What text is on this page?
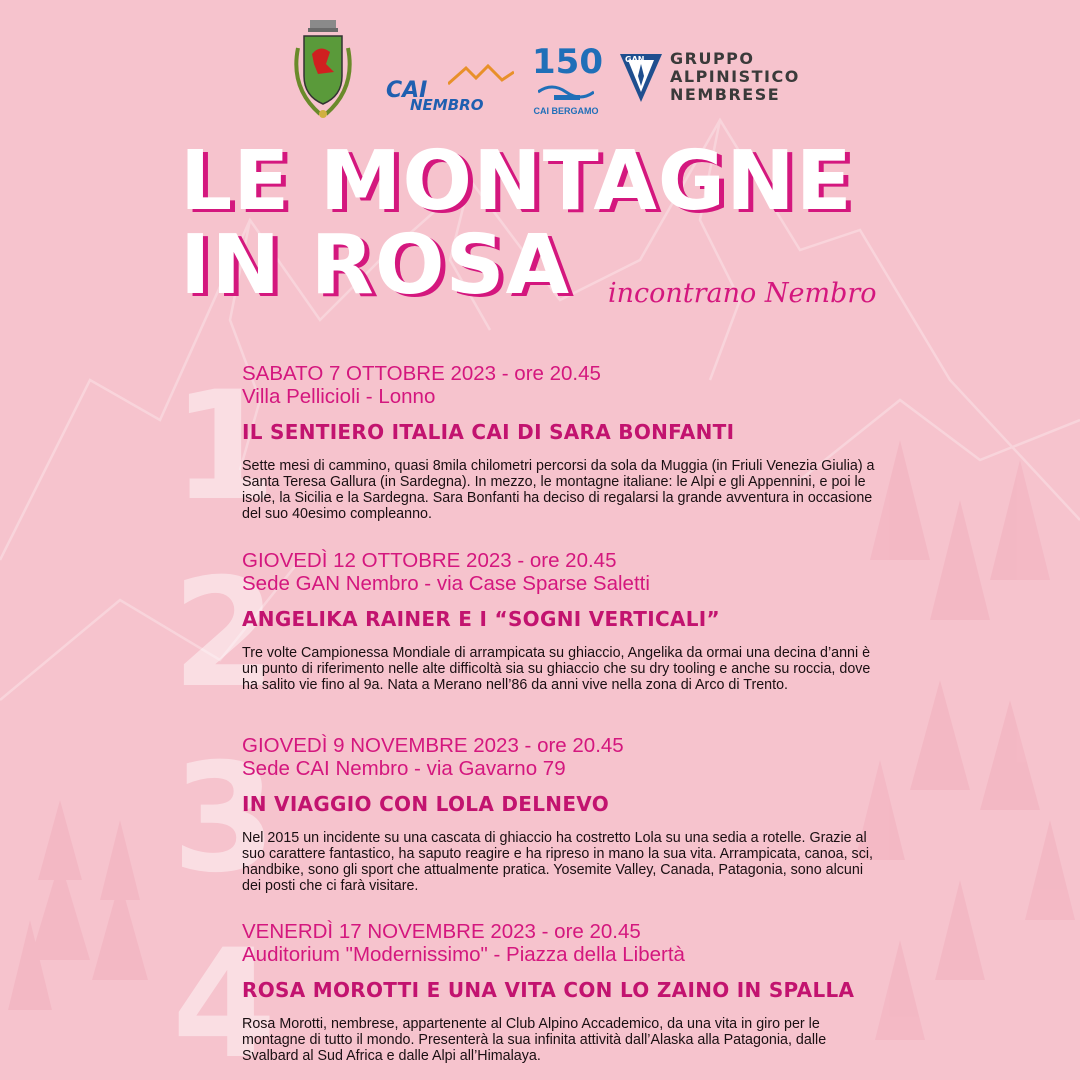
CAI
NEMBRO
150
CAI BERGAMO
GAN GRUPPO
ALPINISTICO
NEMBRESE
LE MONTAGNE
IN ROSA	incontrano Nembro
1
SABATO 7 OTTOBRE 2023 - ore 20.45
Villa Pellicioli - Lonno
IL SENTIERO ITALIA CAI DI SARA BONFANTI
Sette mesi di cammino, quasi 8mila chilometri percorsi da sola da Muggia (in Friuli Venezia Giulia) a Santa Teresa Gallura (in Sardegna). In mezzo, le montagne italiane: le Alpi e gli Appennini, e poi le isole, la Sicilia e la Sardegna. Sara Bonfanti ha deciso di regalarsi la grande avventura in occasione del suo 40esimo compleanno.
2
GIOVEDÌ 12 OTTOBRE 2023 - ore 20.45
Sede GAN Nembro - via Case Sparse Saletti
ANGELIKA RAINER E I “SOGNI VERTICALI”
Tre volte Campionessa Mondiale di arrampicata su ghiaccio, Angelika da ormai una decina d’anni è un punto di riferimento nelle alte difficoltà sia su ghiaccio che su dry tooling e anche su roccia, dove ha salito vie fino al 9a. Nata a Merano nell’86 da anni vive nella zona di Arco di Trento.
3
GIOVEDÌ 9 NOVEMBRE 2023 - ore 20.45
Sede CAI Nembro - via Gavarno 79
IN VIAGGIO CON LOLA DELNEVO
Nel 2015 un incidente su una cascata di ghiaccio ha costretto Lola su una sedia a rotelle. Grazie al suo carattere fantastico, ha saputo reagire e ha ripreso in mano la sua vita. Arrampicata, canoa, sci, handbike, sono gli sport che attualmente pratica. Yosemite Valley, Canada, Patagonia, sono alcuni dei posti che ci farà visitare.
4
VENERDÌ 17 NOVEMBRE 2023 - ore 20.45
Auditorium "Modernissimo" - Piazza della Libertà
ROSA MOROTTI E UNA VITA CON LO ZAINO IN SPALLA
Rosa Morotti, nembrese, appartenente al Club Alpino Accademico, da una vita in giro per le montagne di tutto il mondo. Presenterà la sua infinita attività dall’Alaska alla Patagonia, dalle Svalbard al Sud Africa e dalle Alpi all’Himalaya.
